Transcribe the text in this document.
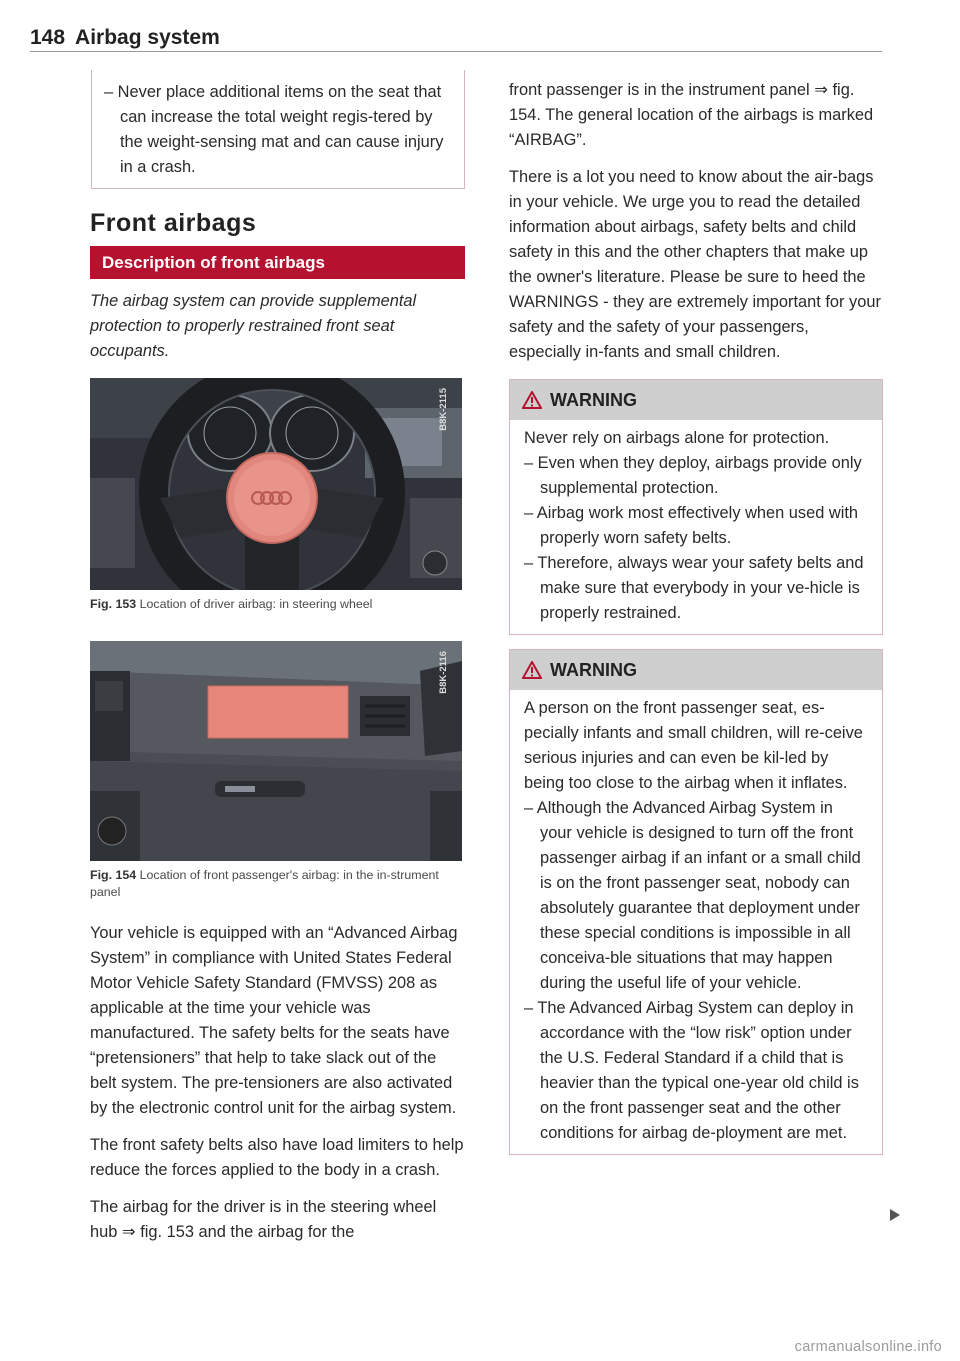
148 Airbag system
– Never place additional items on the seat that can increase the total weight regis-tered by the weight-sensing mat and can cause injury in a crash.
Front airbags
Description of front airbags
The airbag system can provide supplemental protection to properly restrained front seat occupants.
B8K-2115
Fig. 153 Location of driver airbag: in steering wheel
B8K-2116
Fig. 154 Location of front passenger's airbag: in the in-strument panel

Your vehicle is equipped with an “Advanced Airbag System” in compliance with United States Federal Motor Vehicle Safety Standard (FMVSS) 208 as applicable at the time your vehicle was manufactured. The safety belts for the seats have “pretensioners” that help to take slack out of the belt system. The pre-tensioners are also activated by the electronic control unit for the airbag system.

The front safety belts also have load limiters to help reduce the forces applied to the body in a crash.

The airbag for the driver is in the steering wheel hub ⇒ fig. 153 and the airbag for the

front passenger is in the instrument panel ⇒ fig. 154. The general location of the airbags is marked “AIRBAG”.

There is a lot you need to know about the air-bags in your vehicle. We urge you to read the detailed information about airbags, safety belts and child safety in this and the other chapters that make up the owner's literature. Please be sure to heed the WARNINGS - they are extremely important for your safety and the safety of your passengers, especially in-fants and small children.

WARNING
Never rely on airbags alone for protection.
– Even when they deploy, airbags provide only supplemental protection.
– Airbag work most effectively when used with properly worn safety belts.
– Therefore, always wear your safety belts and make sure that everybody in your ve-hicle is properly restrained.
WARNING
A person on the front passenger seat, es-pecially infants and small children, will re-ceive serious injuries and can even be kil-led by being too close to the airbag when it inflates.
– Although the Advanced Airbag System in your vehicle is designed to turn off the front passenger airbag if an infant or a small child is on the front passenger seat, nobody can absolutely guarantee that deployment under these special conditions is impossible in all conceiva-ble situations that may happen during the useful life of your vehicle.
– The Advanced Airbag System can deploy in accordance with the “low risk” option under the U.S. Federal Standard if a child that is heavier than the typical one-year old child is on the front passenger seat and the other conditions for airbag de-ployment are met.
carmanualsonline.info
